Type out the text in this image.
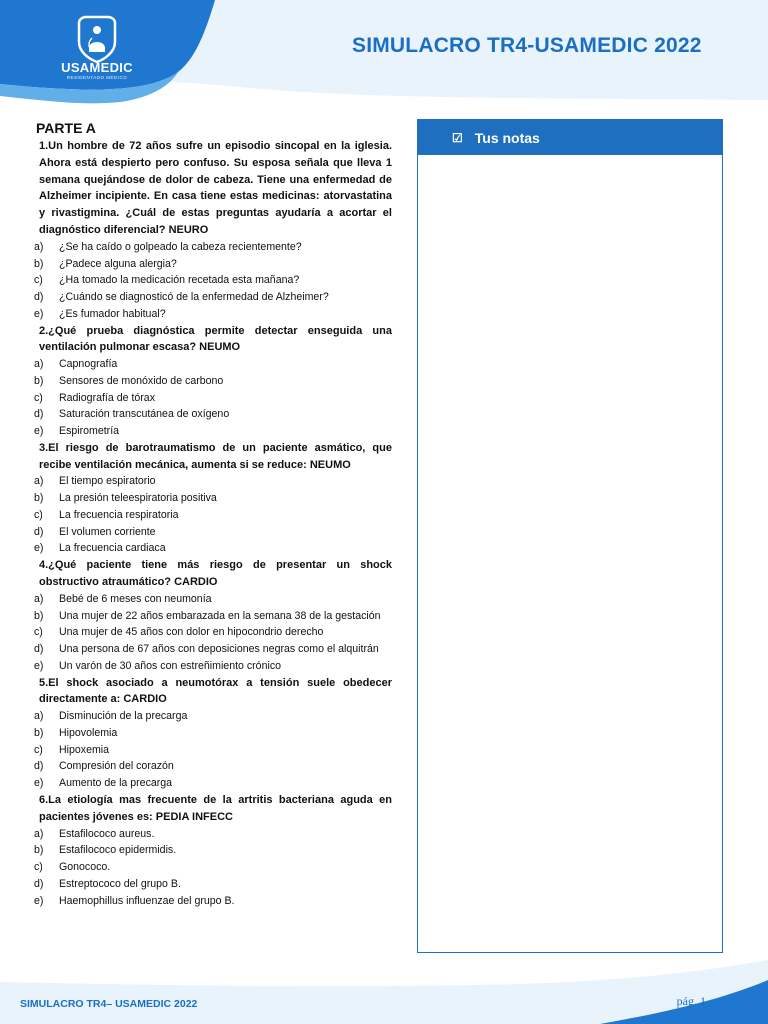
USAMEDIC
RESIDENTADO MÉDICO
SIMULACRO TR4-USAMEDIC 2022
PARTE A
1.Un hombre de 72 años sufre un episodio sincopal en la iglesia. Ahora está despierto pero confuso. Su esposa señala que lleva 1 semana quejándose de dolor de cabeza. Tiene una enfermedad de Alzheimer incipiente. En casa tiene estas medicinas: atorvastatina y rivastigmina. ¿Cuál de estas preguntas ayudaría a acortar el diagnóstico diferencial? NEURO
a)	¿Se ha caído o golpeado la cabeza recientemente?
b)	¿Padece alguna alergia?
c)	¿Ha tomado la medicación recetada esta mañana?
d)	¿Cuándo se diagnosticó de la enfermedad de Alzheimer?
e)	¿Es fumador habitual?
2.¿Qué prueba diagnóstica permite detectar enseguida una ventilación pulmonar escasa? NEUMO
a)	Capnografía
b)	Sensores de monóxido de carbono
c)	Radiografía de tórax
d)	Saturación transcutánea de oxígeno
e)	Espirometría
3.El riesgo de barotraumatismo de un paciente asmático, que recibe ventilación mecánica, aumenta si se reduce: NEUMO
a)	El tiempo espiratorio
b)	La presión teleespiratoria positiva
c)	La frecuencia respiratoria
d)	El volumen corriente
e)	La frecuencia cardiaca
4.¿Qué paciente tiene más riesgo de presentar un shock obstructivo atraumático? CARDIO
a)	Bebé de 6 meses con neumonía
b)	Una mujer de 22 años embarazada en la semana 38 de la gestación
c)	Una mujer de 45 años con dolor en hipocondrio derecho
d)	Una persona de 67 años con deposiciones negras como el alquitrán
e)	Un varón de 30 años con estreñimiento crónico
5.El shock asociado a neumotórax a tensión suele obedecer directamente a: CARDIO
a)	Disminución de la precarga
b)	Hipovolemia
c)	Hipoxemia
d)	Compresión del corazón
e)	Aumento de la precarga
6.La etiología mas frecuente de la artritis bacteriana aguda en pacientes jóvenes es: PEDIA INFECC
a)	Estafilococo aureus.
b)	Estafilococo epidermidis.
c)	Gonococo.
d)	Estreptococo del grupo B.
e)	Haemophillus influenzae del grupo B.
☑ Tus notas
SIMULACRO TR4– USAMEDIC 2022	pág. 1
